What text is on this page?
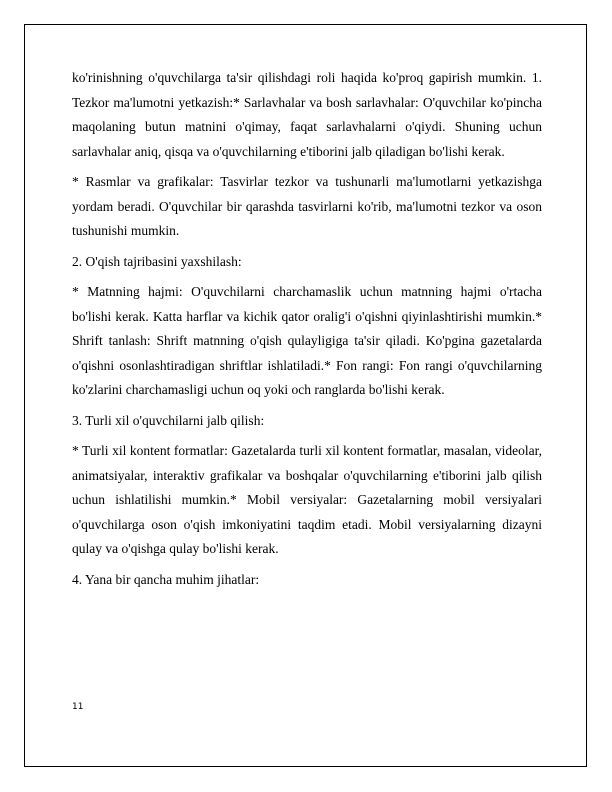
ko'rinishning o'quvchilarga ta'sir qilishdagi roli haqida ko'proq gapirish mumkin. 1. Tezkor ma'lumotni yetkazish:* Sarlavhalar va bosh sarlavhalar: O'quvchilar ko'pincha maqolaning butun matnini o'qimay, faqat sarlavhalarni o'qiydi. Shuning uchun sarlavhalar aniq, qisqa va o'quvchilarning e'tiborini jalb qiladigan bo'lishi kerak.

* Rasmlar va grafikalar: Tasvirlar tezkor va tushunarli ma'lumotlarni yetkazishga yordam beradi. O'quvchilar bir qarashda tasvirlarni ko'rib, ma'lumotni tezkor va oson tushunishi mumkin.

2. O'qish tajribasini yaxshilash:

* Matnning hajmi: O'quvchilarni charchamaslik uchun matnning hajmi o'rtacha bo'lishi kerak. Katta harflar va kichik qator oralig'i o'qishni qiyinlashtirishi mumkin.* Shrift tanlash: Shrift matnning o'qish qulayligiga ta'sir qiladi. Ko'pgina gazetalarda o'qishni osonlashtiradigan shriftlar ishlatiladi.* Fon rangi: Fon rangi o'quvchilarning ko'zlarini charchamasligi uchun oq yoki och ranglarda bo'lishi kerak.

3. Turli xil o'quvchilarni jalb qilish:

* Turli xil kontent formatlar: Gazetalarda turli xil kontent formatlar, masalan, videolar, animatsiyalar, interaktiv grafikalar va boshqalar o'quvchilarning e'tiborini jalb qilish uchun ishlatilishi mumkin.* Mobil versiyalar: Gazetalarning mobil versiyalari o'quvchilarga oson o'qish imkoniyatini taqdim etadi. Mobil versiyalarning dizayni qulay va o'qishga qulay bo'lishi kerak.

4. Yana bir qancha muhim jihatlar:

11
